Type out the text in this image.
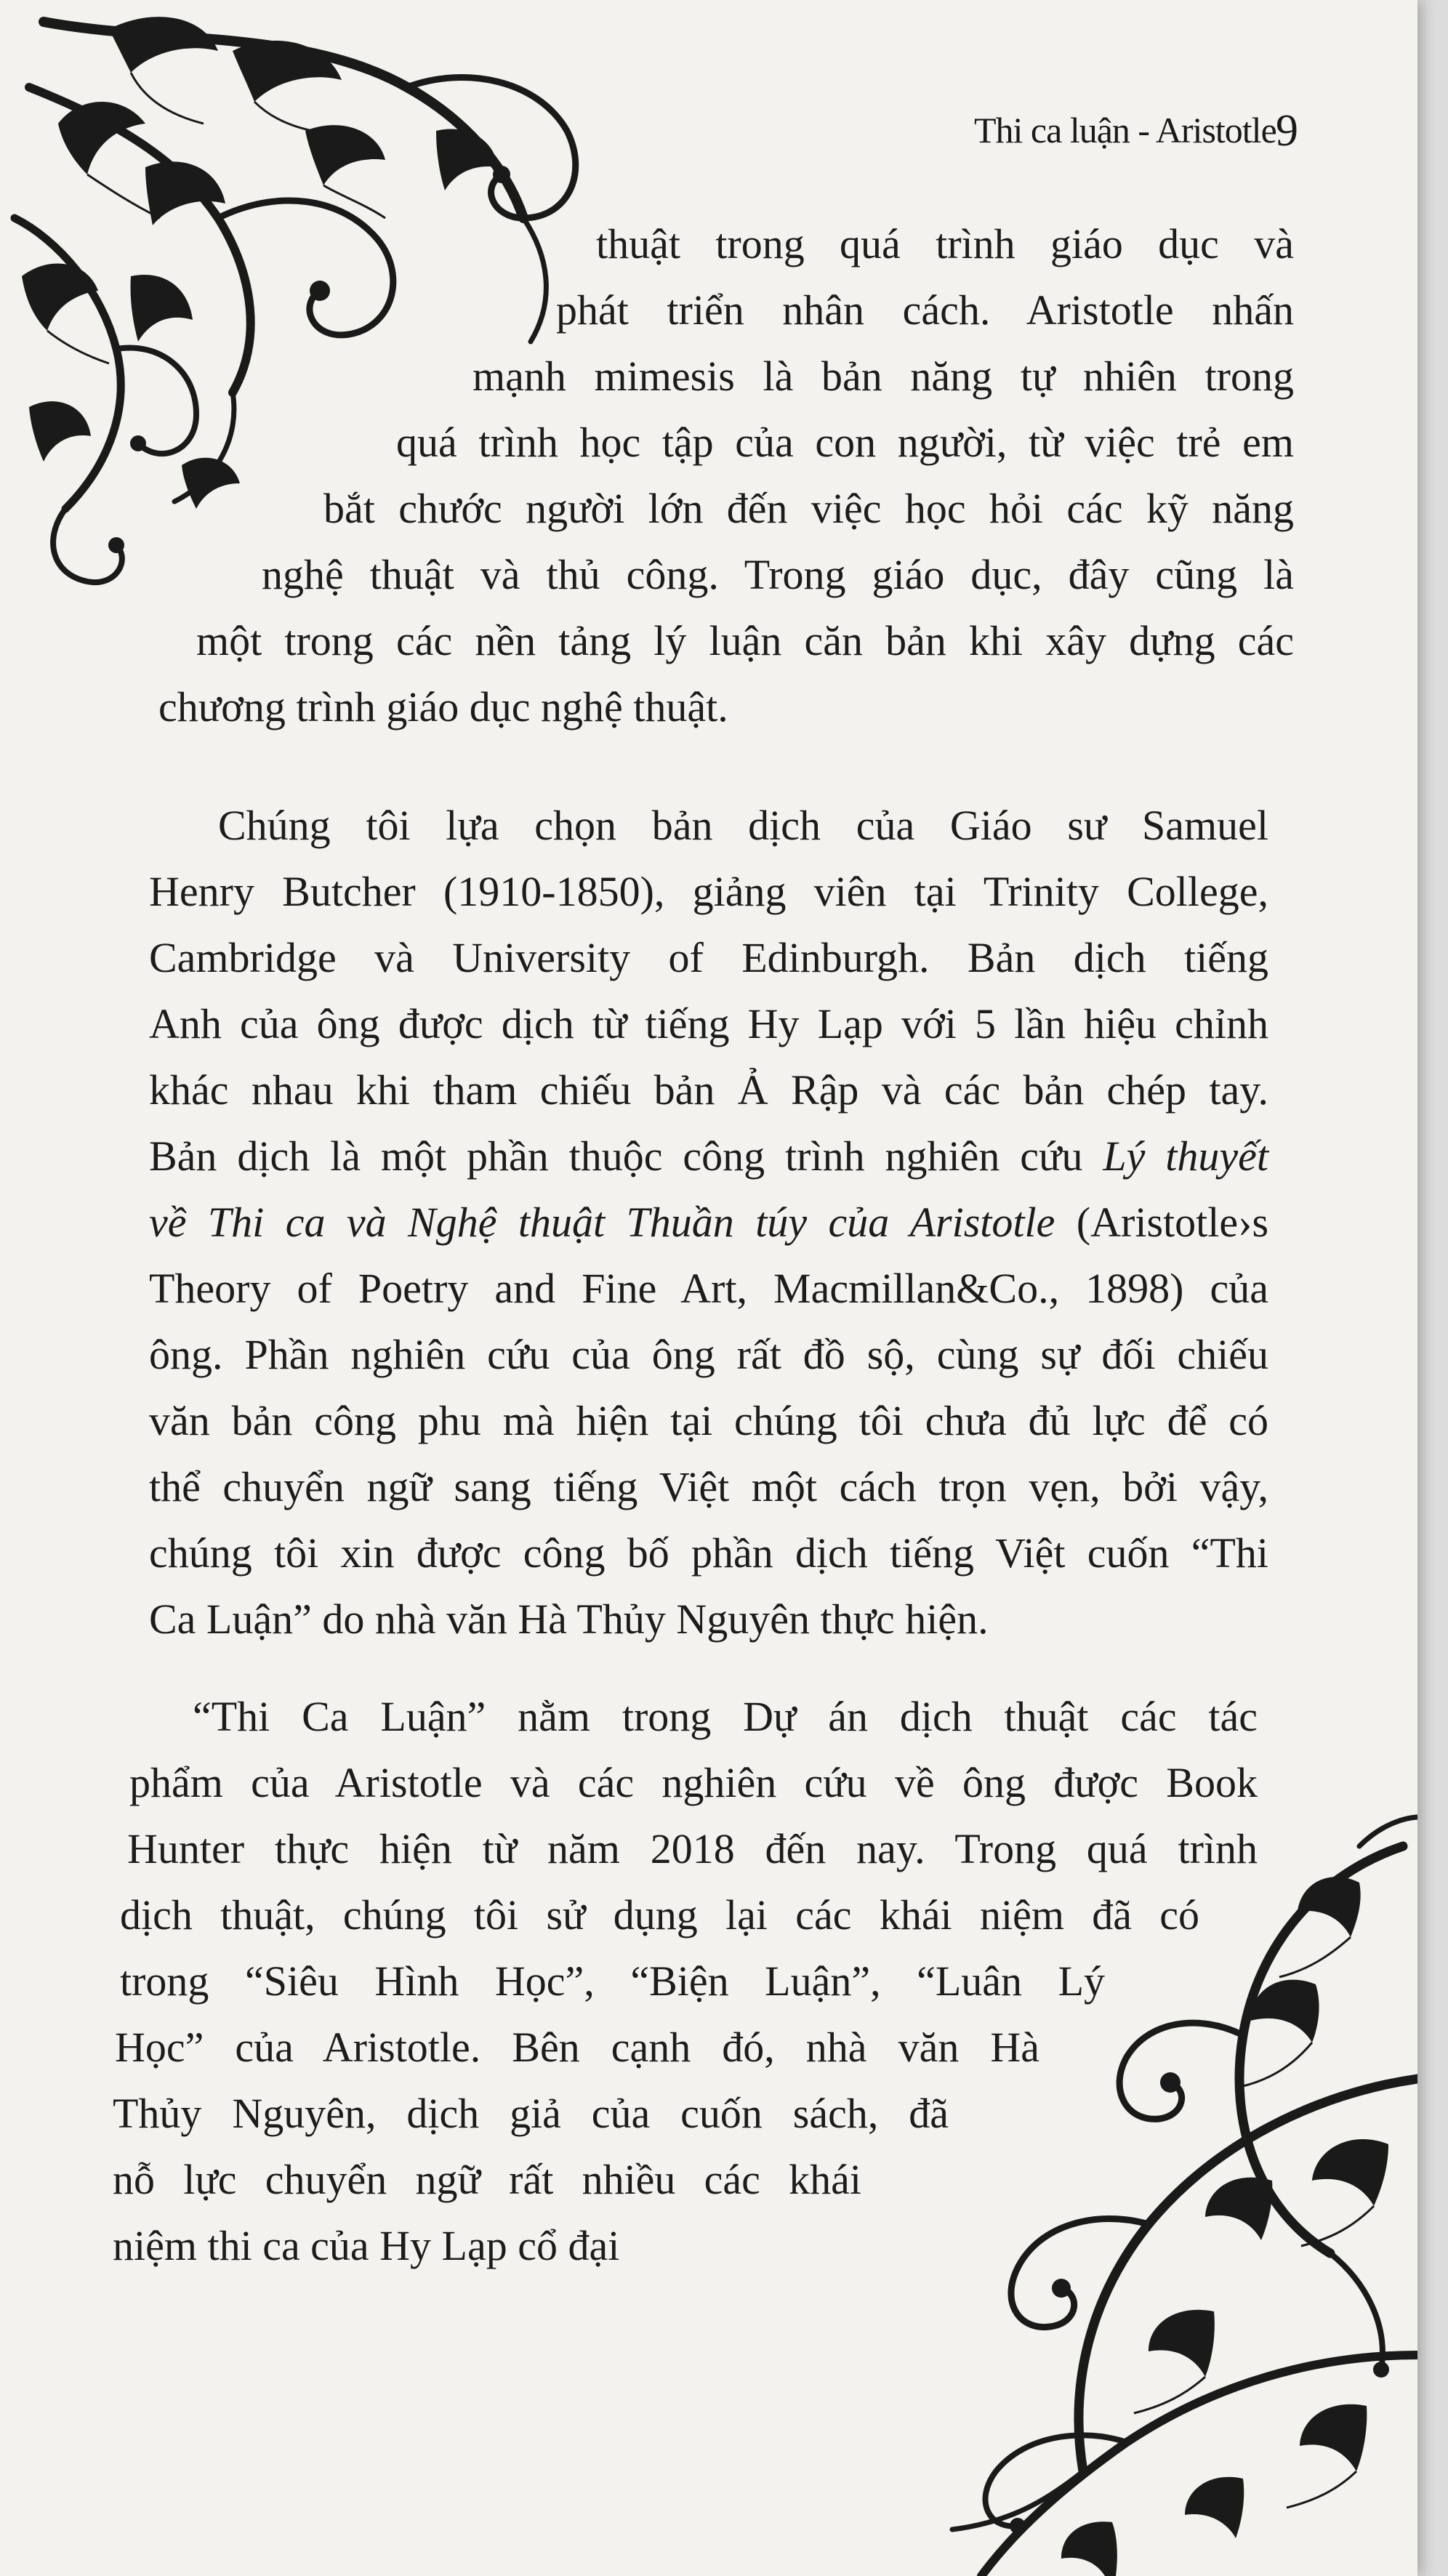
Thi ca luận - Aristotle 9
thuật trong quá trình giáo dục và
phát triển nhân cách. Aristotle nhấn
mạnh mimesis là bản năng tự nhiên trong
quá trình học tập của con người, từ việc trẻ em
bắt chước người lớn đến việc học hỏi các kỹ năng
nghệ thuật và thủ công. Trong giáo dục, đây cũng là
một trong các nền tảng lý luận căn bản khi xây dựng các
chương trình giáo dục nghệ thuật.
Chúng tôi lựa chọn bản dịch của Giáo sư Samuel
Henry Butcher (1910-1850), giảng viên tại Trinity College,
Cambridge và University of Edinburgh. Bản dịch tiếng
Anh của ông được dịch từ tiếng Hy Lạp với 5 lần hiệu chỉnh
khác nhau khi tham chiếu bản Ả Rập và các bản chép tay.
Bản dịch là một phần thuộc công trình nghiên cứu Lý thuyết
về Thi ca và Nghệ thuật Thuần túy của Aristotle (Aristotle›s
Theory of Poetry and Fine Art, Macmillan&Co., 1898) của
ông. Phần nghiên cứu của ông rất đồ sộ, cùng sự đối chiếu
văn bản công phu mà hiện tại chúng tôi chưa đủ lực để có
thể chuyển ngữ sang tiếng Việt một cách trọn vẹn, bởi vậy,
chúng tôi xin được công bố phần dịch tiếng Việt cuốn “Thi
Ca Luận” do nhà văn Hà Thủy Nguyên thực hiện.
“Thi Ca Luận” nằm trong Dự án dịch thuật các tác
phẩm của Aristotle và các nghiên cứu về ông được Book
Hunter thực hiện từ năm 2018 đến nay. Trong quá trình
dịch thuật, chúng tôi sử dụng lại các khái niệm đã có
trong “Siêu Hình Học”, “Biện Luận”, “Luân Lý
Học” của Aristotle. Bên cạnh đó, nhà văn Hà
Thủy Nguyên, dịch giả của cuốn sách, đã
nỗ lực chuyển ngữ rất nhiều các khái
niệm thi ca của Hy Lạp cổ đại
